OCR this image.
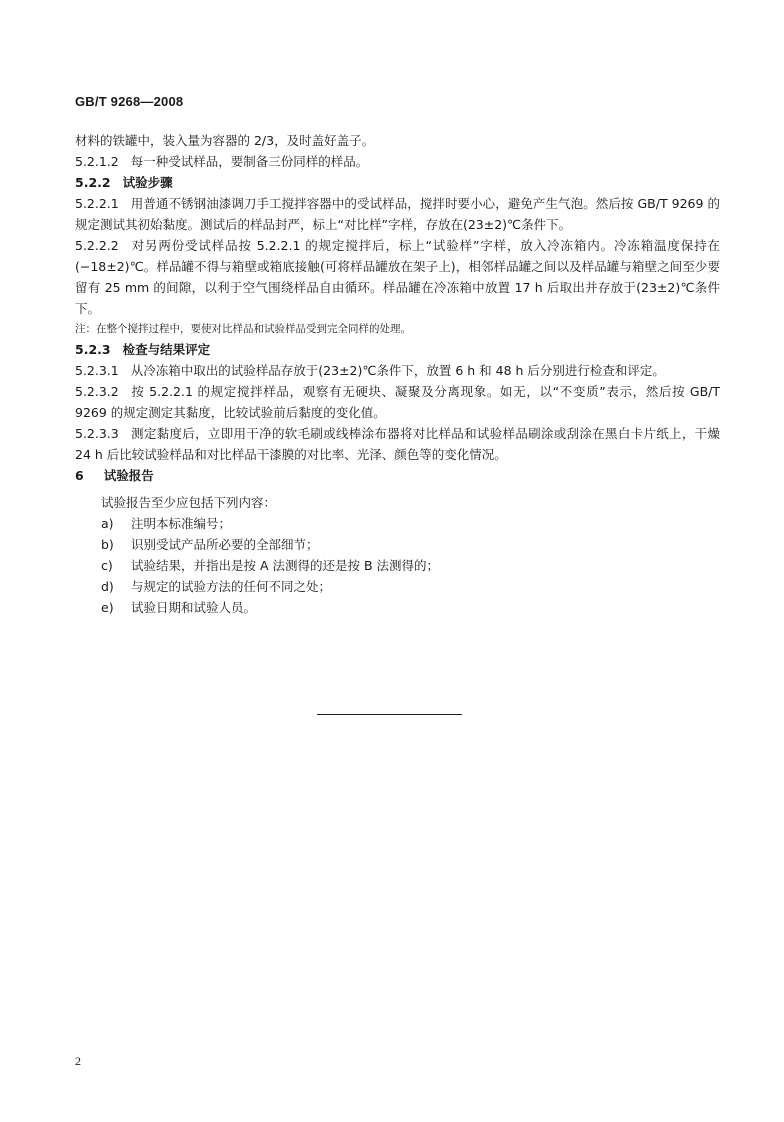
GB/T 9268—2008

材料的铁罐中，装入量为容器的 2/3，及时盖好盖子。

5.2.1.2 每一种受试样品，要制备三份同样的样品。

5.2.2 试验步骤

5.2.2.1 用普通不锈钢油漆调刀手工搅拌容器中的受试样品，搅拌时要小心，避免产生气泡。然后按 GB/T 9269 的规定测试其初始黏度。测试后的样品封严，标上“对比样”字样，存放在(23±2)℃条件下。

5.2.2.2 对另两份受试样品按 5.2.2.1 的规定搅拌后，标上“试验样”字样，放入冷冻箱内。冷冻箱温度保持在(−18±2)℃。样品罐不得与箱壁或箱底接触(可将样品罐放在架子上)，相邻样品罐之间以及样品罐与箱壁之间至少要留有 25 mm 的间隙，以利于空气围绕样品自由循环。样品罐在冷冻箱中放置 17 h 后取出并存放于(23±2)℃条件下。

注：在整个搅拌过程中，要使对比样品和试验样品受到完全同样的处理。

5.2.3 检查与结果评定

5.2.3.1 从冷冻箱中取出的试验样品存放于(23±2)℃条件下，放置 6 h 和 48 h 后分别进行检查和评定。

5.2.3.2 按 5.2.2.1 的规定搅拌样品，观察有无硬块、凝聚及分离现象。如无，以“不变质”表示，然后按 GB/T 9269 的规定测定其黏度，比较试验前后黏度的变化值。

5.2.3.3 测定黏度后，立即用干净的软毛刷或线棒涂布器将对比样品和试验样品刷涂或刮涂在黑白卡片纸上，干燥 24 h 后比较试验样品和对比样品干漆膜的对比率、光泽、颜色等的变化情况。

6 试验报告

试验报告至少应包括下列内容：

a) 注明本标准编号；

b) 识别受试产品所必要的全部细节；

c) 试验结果，并指出是按 A 法测得的还是按 B 法测得的；

d) 与规定的试验方法的任何不同之处；

e) 试验日期和试验人员。

2
